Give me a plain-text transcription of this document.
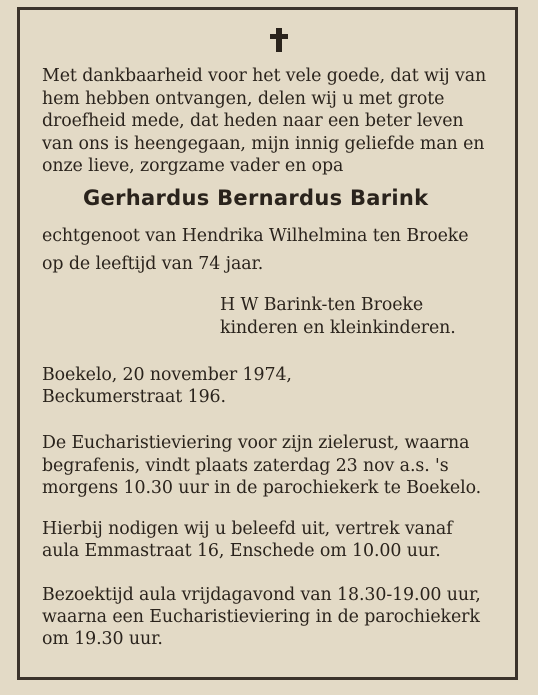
Met dankbaarheid voor het vele goede, dat wij van
hem hebben ontvangen, delen wij u met grote
droefheid mede, dat heden naar een beter leven
van ons is heengegaan, mijn innig geliefde man en
onze lieve, zorgzame vader en opa
Gerhardus Bernardus Barink
echtgenoot van Hendrika Wilhelmina ten Broeke
op de leeftijd van 74 jaar.
H W Barink-ten Broeke
kinderen en kleinkinderen.
Boekelo, 20 november 1974,
Beckumerstraat 196.
De Eucharistieviering voor zijn zielerust, waarna
begrafenis, vindt plaats zaterdag 23 nov a.s. 's
morgens 10.30 uur in de parochiekerk te Boekelo.
Hierbij nodigen wij u beleefd uit, vertrek vanaf
aula Emmastraat 16, Enschede om 10.00 uur.
Bezoektijd aula vrijdagavond van 18.30-19.00 uur,
waarna een Eucharistieviering in de parochiekerk
om 19.30 uur.
